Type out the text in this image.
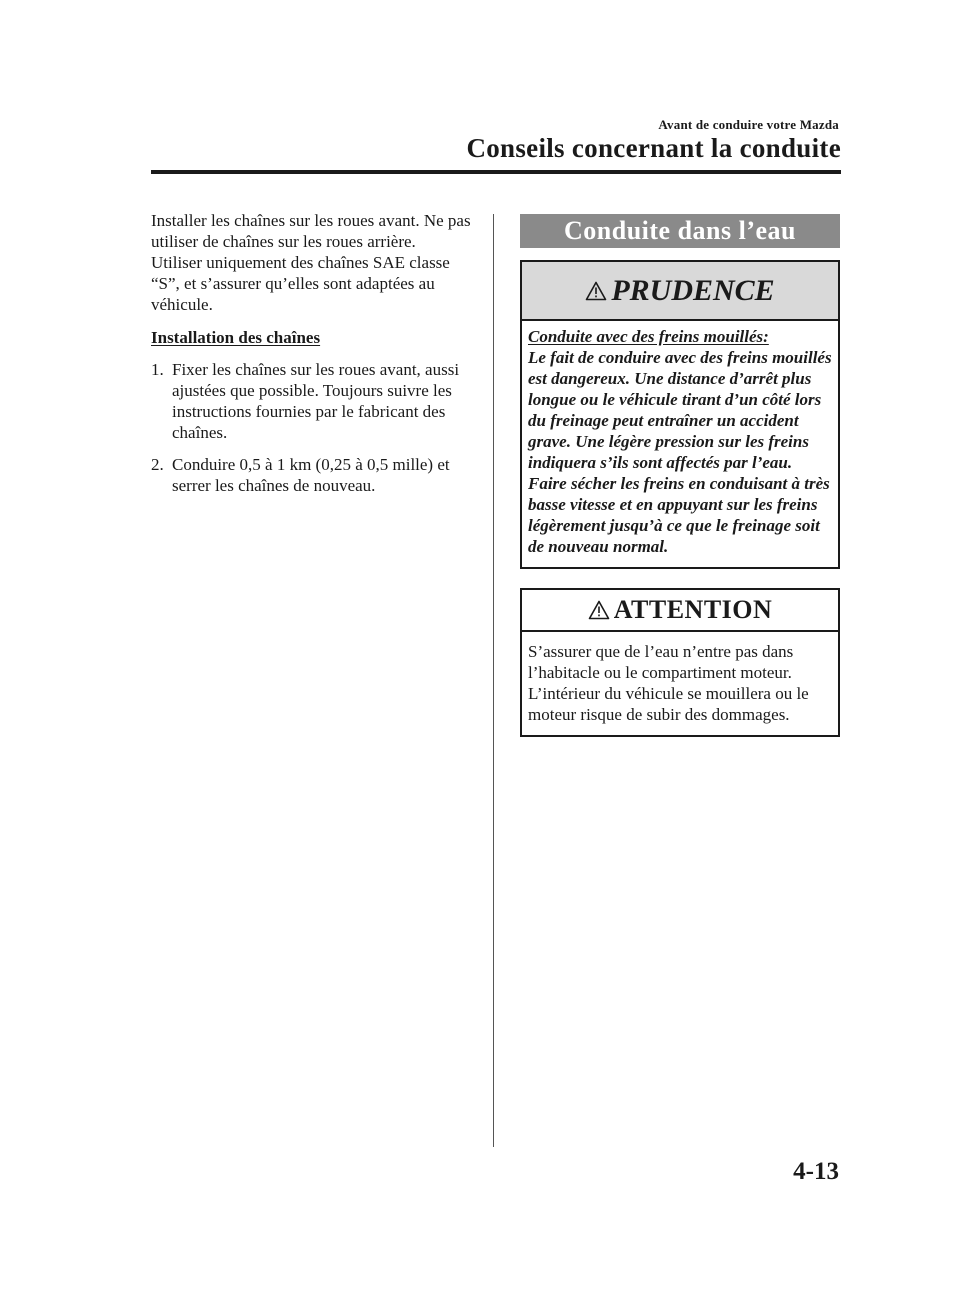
Avant de conduire votre Mazda
Conseils concernant la conduite

Installer les chaînes sur les roues avant. Ne pas utiliser de chaînes sur les roues arrière.

Utiliser uniquement des chaînes SAE classe “S”, et s’assurer qu’elles sont adaptées au véhicule.

Installation des chaînes
1. Fixer les chaînes sur les roues avant, aussi ajustées que possible. Toujours suivre les instructions fournies par le fabricant des chaînes.
2. Conduire 0,5 à 1 km (0,25 à 0,5 mille) et serrer les chaînes de nouveau.
Conduite dans l’eau
PRUDENCE
Conduite avec des freins mouillés:
Le fait de conduire avec des freins mouillés est dangereux. Une distance d’arrêt plus longue ou le véhicule tirant d’un côté lors du freinage peut entraîner un accident grave. Une légère pression sur les freins indiquera s’ils sont affectés par l’eau. Faire sécher les freins en conduisant à très basse vitesse et en appuyant sur les freins légèrement jusqu’à ce que le freinage soit de nouveau normal.
ATTENTION
S’assurer que de l’eau n’entre pas dans l’habitacle ou le compartiment moteur. L’intérieur du véhicule se mouillera ou le moteur risque de subir des dommages.
4-13
